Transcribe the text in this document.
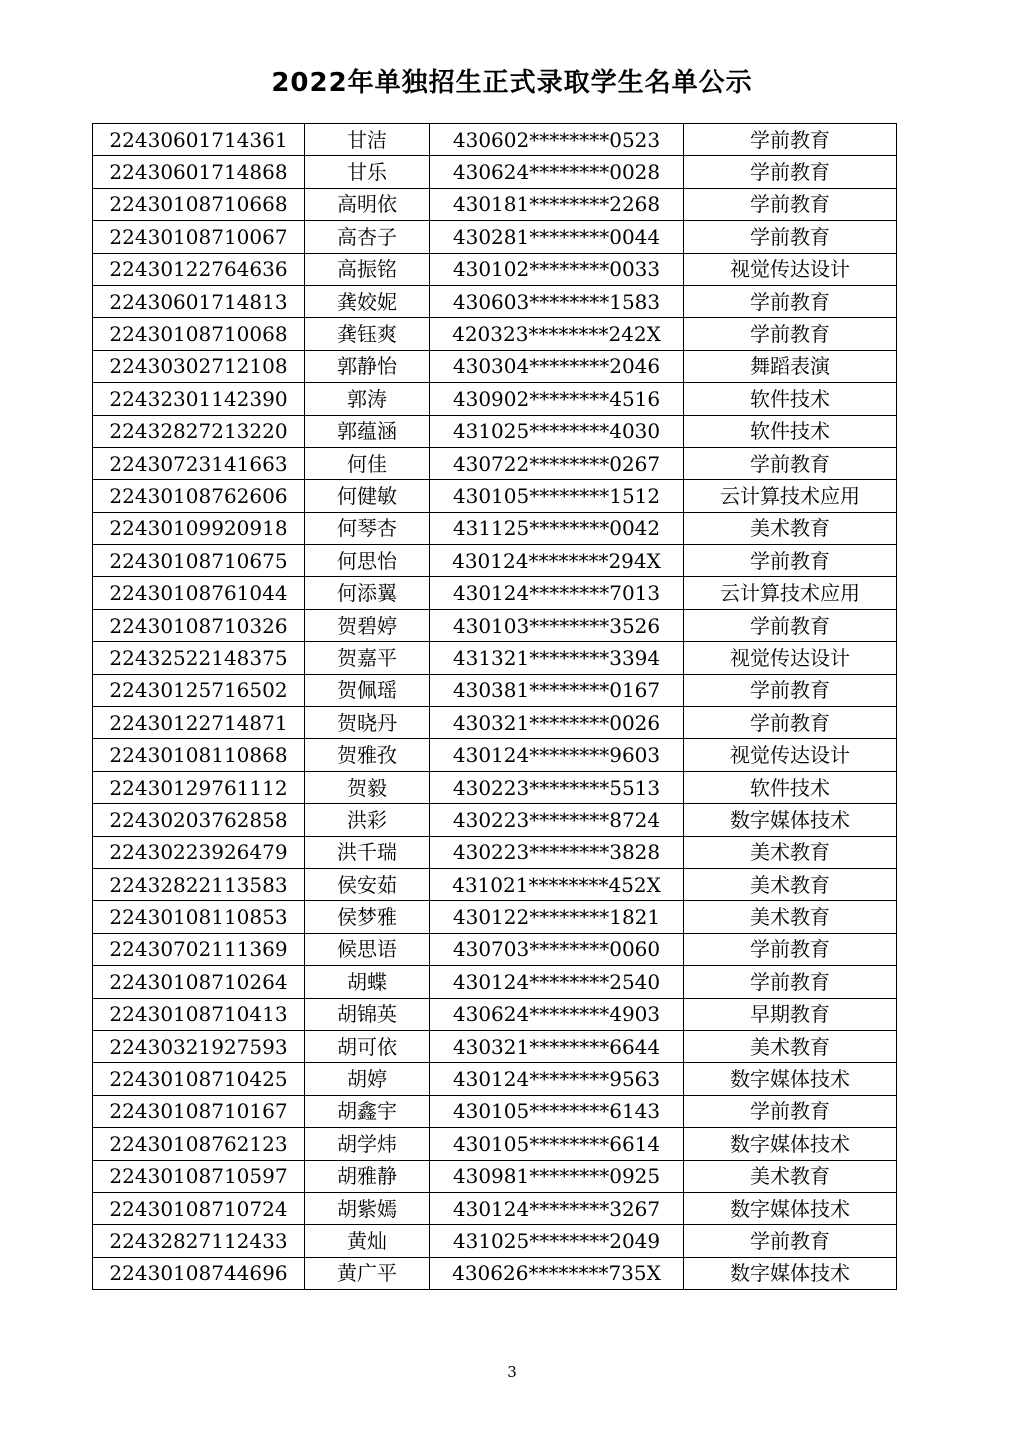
2022年单独招生正式录取学生名单公示
22430601714361	甘洁	430602********0523	学前教育
22430601714868	甘乐	430624********0028	学前教育
22430108710668	高明依	430181********2268	学前教育
22430108710067	高杏子	430281********0044	学前教育
22430122764636	高振铭	430102********0033	视觉传达设计
22430601714813	龚姣妮	430603********1583	学前教育
22430108710068	龚钰爽	420323********242X	学前教育
22430302712108	郭静怡	430304********2046	舞蹈表演
22432301142390	郭涛	430902********4516	软件技术
22432827213220	郭蕴涵	431025********4030	软件技术
22430723141663	何佳	430722********0267	学前教育
22430108762606	何健敏	430105********1512	云计算技术应用
22430109920918	何琴杏	431125********0042	美术教育
22430108710675	何思怡	430124********294X	学前教育
22430108761044	何添翼	430124********7013	云计算技术应用
22430108710326	贺碧婷	430103********3526	学前教育
22432522148375	贺嘉平	431321********3394	视觉传达设计
22430125716502	贺佩瑶	430381********0167	学前教育
22430122714871	贺晓丹	430321********0026	学前教育
22430108110868	贺雅孜	430124********9603	视觉传达设计
22430129761112	贺毅	430223********5513	软件技术
22430203762858	洪彩	430223********8724	数字媒体技术
22430223926479	洪千瑞	430223********3828	美术教育
22432822113583	侯安茹	431021********452X	美术教育
22430108110853	侯梦雅	430122********1821	美术教育
22430702111369	候思语	430703********0060	学前教育
22430108710264	胡蝶	430124********2540	学前教育
22430108710413	胡锦英	430624********4903	早期教育
22430321927593	胡可依	430321********6644	美术教育
22430108710425	胡婷	430124********9563	数字媒体技术
22430108710167	胡鑫宇	430105********6143	学前教育
22430108762123	胡学炜	430105********6614	数字媒体技术
22430108710597	胡雅静	430981********0925	美术教育
22430108710724	胡紫嫣	430124********3267	数字媒体技术
22432827112433	黄灿	431025********2049	学前教育
22430108744696	黄广平	430626********735X	数字媒体技术
3
